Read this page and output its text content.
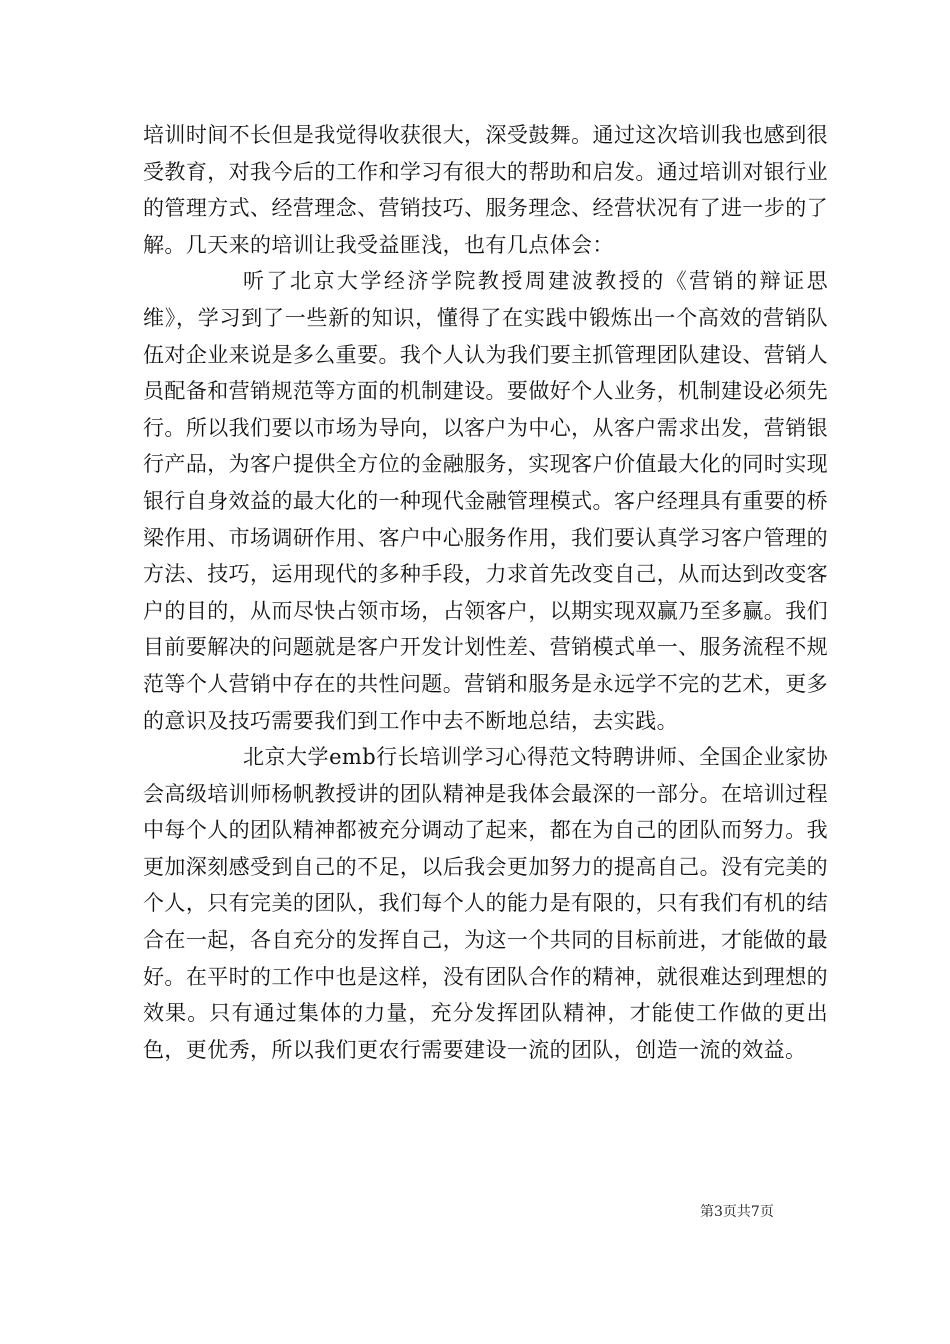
培训时间不长但是我觉得收获很大，深受鼓舞。通过这次培训我也感到很受教育，对我今后的工作和学习有很大的帮助和启发。通过培训对银行业的管理方式、经营理念、营销技巧、服务理念、经营状况有了进一步的了解。几天来的培训让我受益匪浅，也有几点体会：

听了北京大学经济学院教授周建波教授的《营销的辩证思维》，学习到了一些新的知识，懂得了在实践中锻炼出一个高效的营销队伍对企业来说是多么重要。我个人认为我们要主抓管理团队建设、营销人员配备和营销规范等方面的机制建设。要做好个人业务，机制建设必须先行。所以我们要以市场为导向，以客户为中心，从客户需求出发，营销银行产品，为客户提供全方位的金融服务，实现客户价值最大化的同时实现银行自身效益的最大化的一种现代金融管理模式。客户经理具有重要的桥梁作用、市场调研作用、客户中心服务作用，我们要认真学习客户管理的方法、技巧，运用现代的多种手段，力求首先改变自己，从而达到改变客户的目的，从而尽快占领市场，占领客户，以期实现双赢乃至多赢。我们目前要解决的问题就是客户开发计划性差、营销模式单一、服务流程不规范等个人营销中存在的共性问题。营销和服务是永远学不完的艺术，更多的意识及技巧需要我们到工作中去不断地总结，去实践。

北京大学emb行长培训学习心得范文特聘讲师、全国企业家协会高级培训师杨帆教授讲的团队精神是我体会最深的一部分。在培训过程中每个人的团队精神都被充分调动了起来，都在为自己的团队而努力。我更加深刻感受到自己的不足，以后我会更加努力的提高自己。没有完美的个人，只有完美的团队，我们每个人的能力是有限的，只有我们有机的结合在一起，各自充分的发挥自己，为这一个共同的目标前进，才能做的最好。在平时的工作中也是这样，没有团队合作的精神，就很难达到理想的效果。只有通过集体的力量，充分发挥团队精神，才能使工作做的更出色，更优秀，所以我们更农行需要建设一流的团队，创造一流的效益。

第3页共7页
